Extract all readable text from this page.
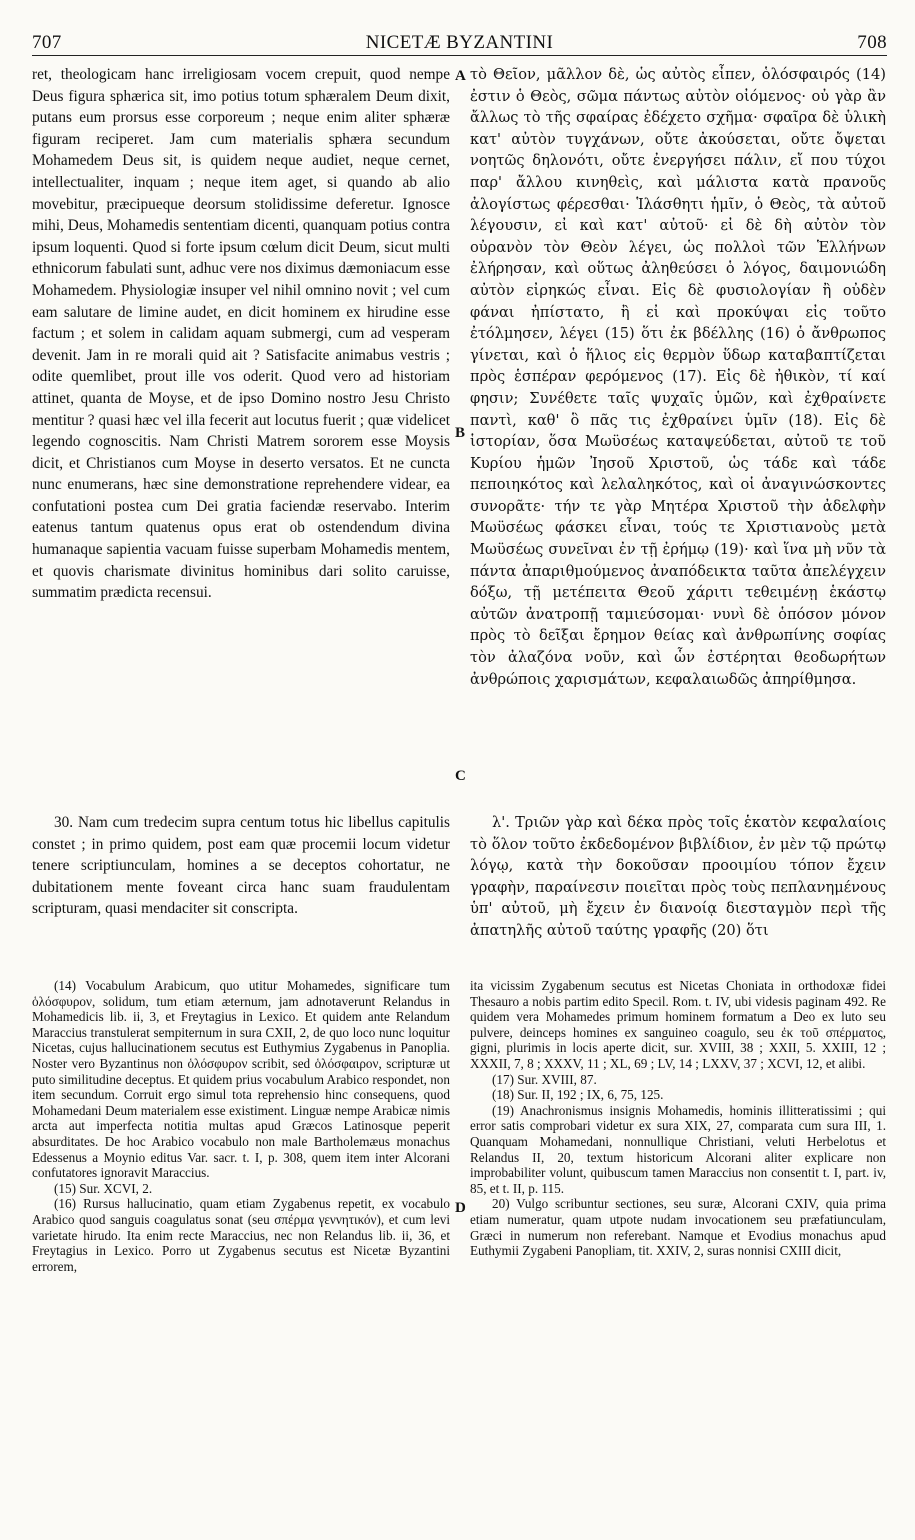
707	NICETÆ BYZANTINI	708
ret, theologicam hanc irreligiosam vocem crepuit, quod nempe Deus figura sphærica sit, imo potius totum sphæralem Deum dixit, putans eum prorsus esse corporeum ; neque enim aliter sphæræ figuram reciperet. Jam cum materialis sphæra secundum Mohamedem Deus sit, is quidem neque audiet, neque cernet, intellectualiter, inquam ; neque item aget, si quando ab alio movebitur, præcipueque deorsum stolidissime deferetur. Ignosce mihi, Deus, Mohamedis sententiam dicenti, quanquam potius contra ipsum loquenti. Quod si forte ipsum cœlum dicit Deum, sicut multi ethnicorum fabulati sunt, adhuc vere nos diximus dæmoniacum esse Mohamedem. Physiologiæ insuper vel nihil omnino novit ; vel cum eam salutare de limine audet, en dicit hominem ex hirudine esse factum ; et solem in calidam aquam submergi, cum ad vesperam devenit. Jam in re morali quid ait ? Satisfacite animabus vestris ; odite quemlibet, prout ille vos oderit. Quod vero ad historiam attinet, quanta de Moyse, et de ipso Domino nostro Jesu Christo mentitur ? quasi hæc vel illa fecerit aut locutus fuerit ; quæ videlicet legendo cognoscitis. Nam Christi Matrem sororem esse Moysis dicit, et Christianos cum Moyse in deserto versatos. Et ne cuncta nunc enumerans, hæc sine demonstratione reprehendere videar, ea confutationi postea cum Dei gratia faciendæ reservabo. Interim eatenus tantum quatenus opus erat ob ostendendum divina humanaque sapientia vacuam fuisse superbam Mohamedis mentem, et quovis charismate divinitus hominibus dari solito caruisse, summatim prædicta recensui.
30. Nam cum tredecim supra centum totus hic libellus capitulis constet ; in primo quidem, post eam quæ procemii locum videtur tenere scriptiunculam, homines a se deceptos cohortatur, ne dubitationem mente foveant circa hanc suam fraudulentam scripturam, quasi mendaciter sit conscripta.
τὸ Θεῖον, μᾶλλον δὲ, ὡς αὐτὸς εἶπεν, ὁλόσφαιρός (14) ἐστιν ὁ Θεὸς, σῶμα πάντως αὐτὸν οἰόμενος· οὐ γὰρ ἂν ἄλλως τὸ τῆς σφαίρας ἐδέχετο σχῆμα· σφαῖρα δὲ ὑλικὴ κατ' αὐτὸν τυγχάνων, οὔτε ἀκούσεται, οὔτε ὄψεται νοητῶς δηλονότι, οὔτε ἐνεργήσει πάλιν, εἴ που τύχοι παρ' ἄλλου κινηθεὶς, καὶ μάλιστα κατὰ πρανοῦς ἀλογίστως φέρεσθαι· Ἱλάσθητι ἡμῖν, ὁ Θεὸς, τὰ αὐτοῦ λέγουσιν, εἰ καὶ κατ' αὐτοῦ· εἰ δὲ δὴ αὐτὸν τὸν οὐρανὸν τὸν Θεὸν λέγει, ὡς πολλοὶ τῶν Ἑλλήνων ἐλήρησαν, καὶ οὕτως ἀληθεύσει ὁ λόγος, δαιμονιώδη αὐτὸν εἰρηκώς εἶναι. Εἰς δὲ φυσιολογίαν ἢ οὐδὲν φάναι ἠπίστατο, ἢ εἰ καὶ προκύψαι εἰς τοῦτο ἐτόλμησεν, λέγει (15) ὅτι ἐκ βδέλλης (16) ὁ ἄνθρωπος γίνεται, καὶ ὁ ἥλιος εἰς θερμὸν ὕδωρ καταβαπτίζεται πρὸς ἑσπέραν φερόμενος (17). Εἰς δὲ ἠθικὸν, τί καί φησιν; Συνέθετε ταῖς ψυχαῖς ὑμῶν, καὶ ἐχθραίνετε παντὶ, καθ' ὃ πᾶς τις ἐχθραίνει ὑμῖν (18). Εἰς δὲ ἱστορίαν, ὅσα Μωϋσέως καταψεύδεται, αὐτοῦ τε τοῦ Κυρίου ἡμῶν Ἰησοῦ Χριστοῦ, ὡς τάδε καὶ τάδε πεποιηκότος καὶ λελαληκότος, καὶ οἱ ἀναγινώσκοντες συνορᾶτε· τήν τε γὰρ Μητέρα Χριστοῦ τὴν ἀδελφὴν Μωϋσέως φάσκει εἶναι, τούς τε Χριστιανοὺς μετὰ Μωϋσέως συνεῖναι ἐν τῇ ἐρήμῳ (19)· καὶ ἵνα μὴ νῦν τὰ πάντα ἀπαριθμούμενος ἀναπόδεικτα ταῦτα ἀπελέγχειν δόξω, τῇ μετέπειτα Θεοῦ χάριτι τεθειμένῃ ἑκάστῳ αὐτῶν ἀνατροπῇ ταμιεύσομαι· νυνὶ δὲ ὁπόσον μόνον πρὸς τὸ δεῖξαι ἔρημον θείας καὶ ἀνθρωπίνης σοφίας τὸν ἀλαζόνα νοῦν, καὶ ὧν ἐστέρηται θεοδωρήτων ἀνθρώποις χαρισμάτων, κεφαλαιωδῶς ἀπηρίθμησα.
λ'. Τριῶν γὰρ καὶ δέκα πρὸς τοῖς ἑκατὸν κεφαλαίοις τὸ ὅλον τοῦτο ἐκδεδομένον βιβλίδιον, ἐν μὲν τῷ πρώτῳ λόγῳ, κατὰ τὴν δοκοῦσαν προοιμίου τόπον ἔχειν γραφὴν, παραίνεσιν ποιεῖται πρὸς τοὺς πεπλανημένους ὑπ' αὐτοῦ, μὴ ἔχειν ἐν διανοίᾳ διεσταγμὸν περὶ τῆς ἀπατηλῆς αὐτοῦ ταύτης γραφῆς (20) ὅτι
A
B
C
D
(14) Vocabulum Arabicum, quo utitur Mohamedes, significare tum ὁλόσφυρον, solidum, tum etiam æternum, jam adnotaverunt Relandus in Mohamedicis lib. ii, 3, et Freytagius in Lexico. Et quidem ante Relandum Maraccius transtulerat sempiternum in sura CXII, 2, de quo loco nunc loquitur Nicetas, cujus hallucinationem secutus est Euthymius Zygabenus in Panoplia. Noster vero Byzantinus non ὁλόσφυρον scribit, sed ὁλόσφαιρον, scripturæ ut puto similitudine deceptus. Et quidem prius vocabulum Arabico respondet, non item secundum. Corruit ergo simul tota reprehensio hinc consequens, quod Mohamedani Deum materialem esse existiment. Linguæ nempe Arabicæ nimis arcta aut imperfecta notitia multas apud Græcos Latinosque peperit absurditates. De hoc Arabico vocabulo non male Bartholemæus monachus Edessenus a Moynio editus Var. sacr. t. I, p. 308, quem item inter Alcorani confutatores ignoravit Maraccius.
(15) Sur. XCVI, 2.
(16) Rursus hallucinatio, quam etiam Zygabenus repetit, ex vocabulo Arabico quod sanguis coagulatus sonat (seu σπέρμα γεννητικόν), et cum levi varietate hirudo. Ita enim recte Maraccius, nec non Relandus lib. ii, 36, et Freytagius in Lexico. Porro ut Zygabenus secutus est Nicetæ Byzantini errorem,
ita vicissim Zygabenum secutus est Nicetas Choniata in orthodoxæ fidei Thesauro a nobis partim edito Specil. Rom. t. IV, ubi videsis paginam 492. Re quidem vera Mohamedes primum hominem formatum a Deo ex luto seu pulvere, deinceps homines ex sanguineo coagulo, seu ἐκ τοῦ σπέρματος, gigni, plurimis in locis aperte dicit, sur. XVIII, 38 ; XXII, 5. XXIII, 12 ; XXXII, 7, 8 ; XXXV, 11 ; XL, 69 ; LV, 14 ; LXXV, 37 ; XCVI, 12, et alibi.
(17) Sur. XVIII, 87.
(18) Sur. II, 192 ; IX, 6, 75, 125.
(19) Anachronismus insignis Mohamedis, hominis illitteratissimi ; qui error satis comprobari videtur ex sura XIX, 27, comparata cum sura III, 1. Quanquam Mohamedani, nonnullique Christiani, veluti Herbelotus et Relandus II, 20, textum historicum Alcorani aliter explicare non improbabiliter volunt, quibuscum tamen Maraccius non consentit t. I, part. iv, 85, et t. II, p. 115.
20) Vulgo scribuntur sectiones, seu suræ, Alcorani CXIV, quia prima etiam numeratur, quam utpote nudam invocationem seu præfatiunculam, Græci in numerum non referebant. Namque et Evodius monachus apud Euthymii Zygabeni Panopliam, tit. XXIV, 2, suras nonnisi CXIII dicit,
